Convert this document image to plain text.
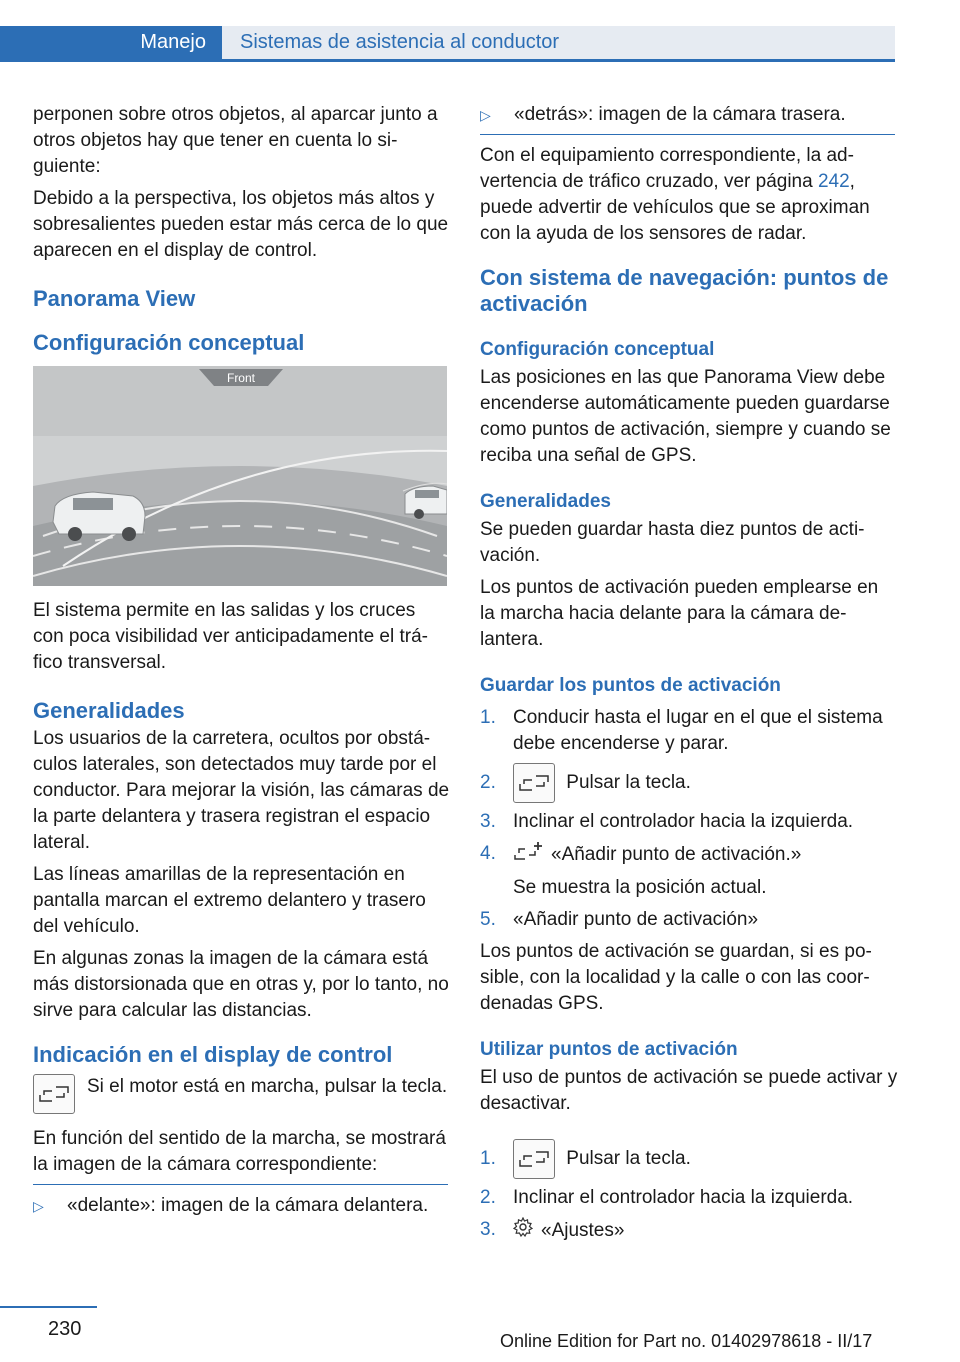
Manejo	Sistemas de asistencia al conductor

perponen sobre otros objetos, al aparcar junto a otros objetos hay que tener en cuenta lo siguiente:

Debido a la perspectiva, los objetos más altos y sobresalientes pueden estar más cerca de lo que aparecen en el display de control.

Panorama View
Configuración conceptual
Front

El sistema permite en las salidas y los cruces con poca visibilidad ver anticipadamente el tráfico transversal.

Generalidades

Los usuarios de la carretera, ocultos por obstáculos laterales, son detectados muy tarde por el conductor. Para mejorar la visión, las cámaras de la parte delantera y trasera registran el espacio lateral.

Las líneas amarillas de la representación en pantalla marcan el extremo delantero y trasero del vehículo.

En algunas zonas la imagen de la cámara está más distorsionada que en otras y, por lo tanto, no sirve para calcular las distancias.

Indicación en el display de control
Si el motor está en marcha, pulsar la tecla.

En función del sentido de la marcha, se mostrará la imagen de la cámara correspondiente:

▷	«delante»: imagen de la cámara delantera.
▷	«detrás»: imagen de la cámara trasera.

Con el equipamiento correspondiente, la advertencia de tráfico cruzado, ver página 242, puede advertir de vehículos que se aproximan con la ayuda de los sensores de radar.

Con sistema de navegación: puntos de activación
Configuración conceptual

Las posiciones en las que Panorama View debe encenderse automáticamente pueden guardarse como puntos de activación, siempre y cuando se reciba una señal de GPS.

Generalidades

Se pueden guardar hasta diez puntos de activación.

Los puntos de activación pueden emplearse en la marcha hacia delante para la cámara delantera.

Guardar los puntos de activación
1. Conducir hasta el lugar en el que el sistema debe encenderse y parar.
2.	Pulsar la tecla.
3. Inclinar el controlador hacia la izquierda.
4.	«Añadir punto de activación.»
Se muestra la posición actual.
5. «Añadir punto de activación»

Los puntos de activación se guardan, si es posible, con la localidad y la calle o con las coordenadas GPS.

Utilizar puntos de activación

El uso de puntos de activación se puede activar y desactivar.

1.	Pulsar la tecla.
2. Inclinar el controlador hacia la izquierda.
3.	«Ajustes»
230
Online Edition for Part no. 01402978618 - II/17
